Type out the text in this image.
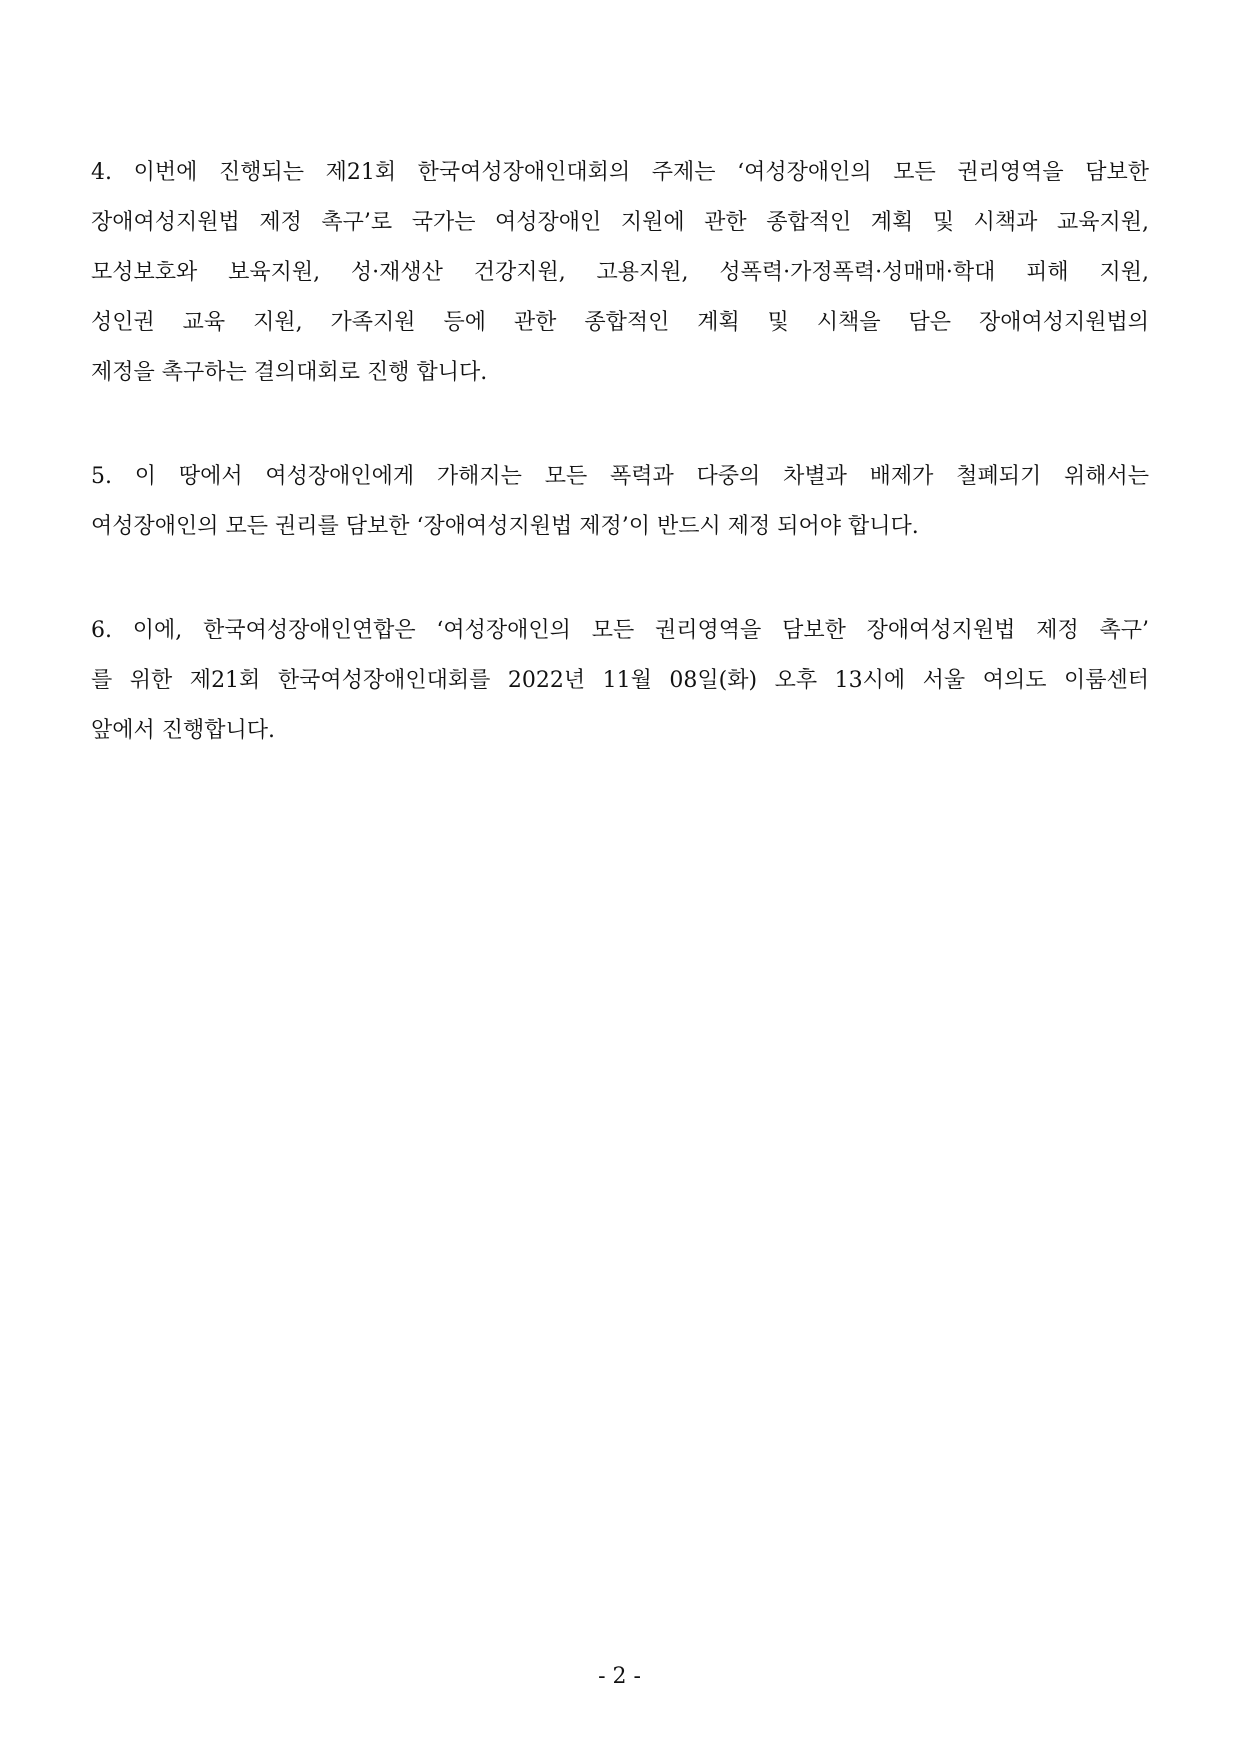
4. 이번에 진행되는 제21회 한국여성장애인대회의 주제는 ‘여성장애인의 모든 권리영역을 담보한
장애여성지원법 제정 촉구’로 국가는 여성장애인 지원에 관한 종합적인 계획 및 시책과 교육지원,
모성보호와 보육지원, 성·재생산 건강지원, 고용지원, 성폭력·가정폭력·성매매·학대 피해 지원,
성인권 교육 지원, 가족지원 등에 관한 종합적인 계획 및 시책을 담은 장애여성지원법의
제정을 촉구하는 결의대회로 진행 합니다.

5. 이 땅에서 여성장애인에게 가해지는 모든 폭력과 다중의 차별과 배제가 철폐되기 위해서는
여성장애인의 모든 권리를 담보한 ‘장애여성지원법 제정’이 반드시 제정 되어야 합니다.

6. 이에, 한국여성장애인연합은 ‘여성장애인의 모든 권리영역을 담보한 장애여성지원법 제정 촉구’
를 위한 제21회 한국여성장애인대회를 2022년 11월 08일(화) 오후 13시에 서울 여의도 이룸센터
앞에서 진행합니다.

- 2 -
